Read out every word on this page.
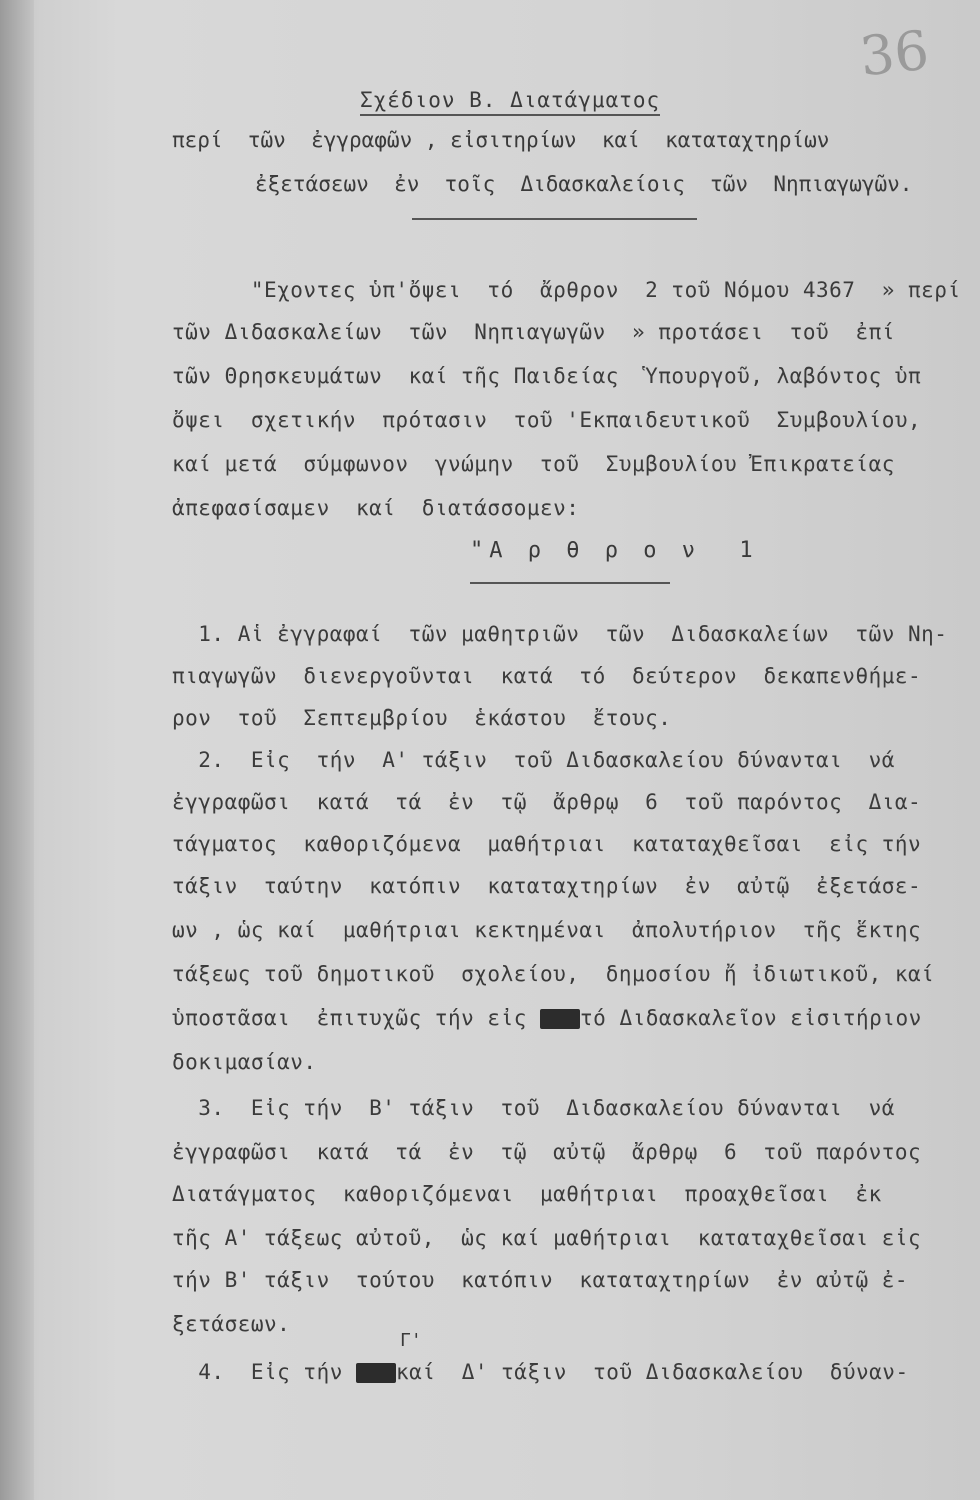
36
Σχέδιον Β. Διατάγματος
περί  τῶν  ἐγγραφῶν , εἰσιτηρίων  καί  καταταχτηρίων
ἐξετάσεων  ἐν  τοῖς  Διδασκαλείοις  τῶν  Νηπιαγωγῶν.
"Εχοντες ὑπ'ὄψει  τό  ἄρθρον  2 τοῦ Νόμου 4367  » περί
τῶν Διδασκαλείων  τῶν  Νηπιαγωγῶν  » προτάσει  τοῦ  ἐπί
τῶν Θρησκευμάτων  καί τῆς Παιδείας  Ὑπουργοῦ, λαβόντος ὑπ
ὄψει  σχετικήν  πρότασιν  τοῦ 'Εκπαιδευτικοῦ  Συμβουλίου,
καί μετά  σύμφωνον  γνώμην  τοῦ  Συμβουλίου Ἐπικρατείας
ἀπεφασίσαμεν  καί  διατάσσομεν:
"Α ρ θ ρ ο ν  1
1. Αἱ ἐγγραφαί  τῶν μαθητριῶν  τῶν  Διδασκαλείων  τῶν Νη-
πιαγωγῶν  διενεργοῦνται  κατά  τό  δεύτερον  δεκαπενθήμε-
ρον  τοῦ  Σεπτεμβρίου  ἑκάστου  ἔτους.
2.  Εἰς  τήν  Α' τάξιν  τοῦ Διδασκαλείου δύνανται  νά
ἐγγραφῶσι  κατά  τά  ἐν  τῷ  ἄρθρῳ  6  τοῦ παρόντος  Δια-
τάγματος  καθοριζόμενα  μαθήτριαι  καταταχθεῖσαι  εἰς τήν
τάξιν  ταύτην  κατόπιν  καταταχτηρίων  ἐν  αὐτῷ  ἐξετάσε-
ων , ὡς καί  μαθήτριαι κεκτημέναι  ἀπολυτήριον  τῆς ἕκτης
τάξεως τοῦ δημοτικοῦ  σχολείου,  δημοσίου ἤ ἰδιωτικοῦ, καί
ὑποστᾶσαι  ἐπιτυχῶς τήν εἰς τό Διδασκαλεῖον εἰσιτήριον
δοκιμασίαν.
3.  Εἰς τήν  Β' τάξιν  τοῦ  Διδασκαλείου δύνανται  νά
ἐγγραφῶσι  κατά  τά  ἐν  τῷ  αὐτῷ  ἄρθρῳ  6  τοῦ παρόντος
Διατάγματος  καθοριζόμεναι  μαθήτριαι  προαχθεῖσαι  ἐκ
τῆς Α' τάξεως αὐτοῦ,  ὡς καί μαθήτριαι  καταταχθεῖσαι εἰς
τήν Β' τάξιν  τούτου  κατόπιν  καταταχτηρίων  ἐν αὐτῷ ἐ-
ξετάσεων.
Γ'
4.  Εἰς τήν καί  Δ' τάξιν  τοῦ Διδασκαλείου  δύναν-
